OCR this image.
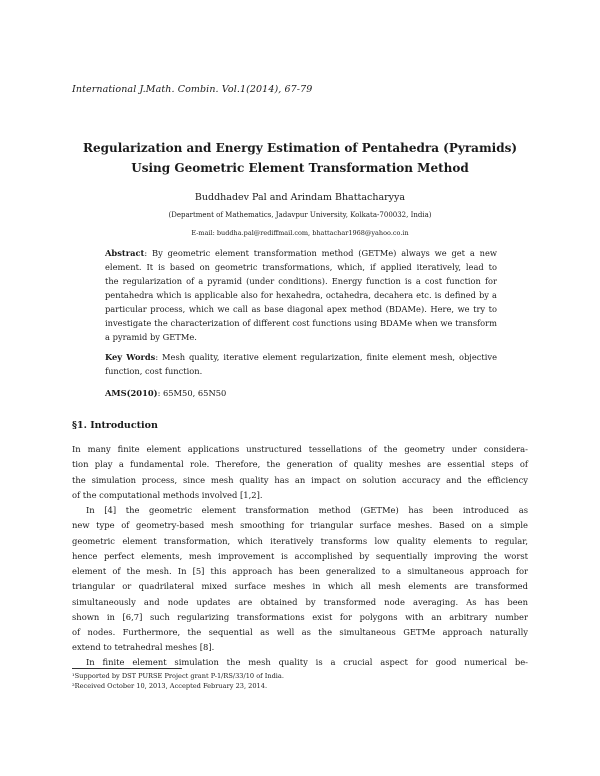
International J.Math. Combin. Vol.1(2014), 67-79
Regularization and Energy Estimation of Pentahedra (Pyramids)
Using Geometric Element Transformation Method
Buddhadev Pal and Arindam Bhattacharyya
(Department of Mathematics, Jadavpur University, Kolkata-700032, India)
E-mail: buddha.pal@rediffmail.com, bhattachar1968@yahoo.co.in
Abstract: By geometric element transformation method (GETMe) always we get a new
element. It is based on geometric transformations, which, if applied iteratively, lead to
the regularization of a pyramid (under conditions). Energy function is a cost function for
pentahedra which is applicable also for hexahedra, octahedra, decahera etc. is defined by a
particular process, which we call as base diagonal apex method (BDAMe). Here, we try to
investigate the characterization of different cost functions using BDAMe when we transform
a pyramid by GETMe.
Key Words: Mesh quality, iterative element regularization, finite element mesh, objective
function, cost function.
AMS(2010): 65M50, 65N50
§1. Introduction
In many finite element applications unstructured tessellations of the geometry under considera-
tion play a fundamental role. Therefore, the generation of quality meshes are essential steps of
the simulation process, since mesh quality has an impact on solution accuracy and the efficiency
of the computational methods involved [1,2].
In [4] the geometric element transformation method (GETMe) has been introduced as
new type of geometry-based mesh smoothing for triangular surface meshes. Based on a simple
geometric element transformation, which iteratively transforms low quality elements to regular,
hence perfect elements, mesh improvement is accomplished by sequentially improving the worst
element of the mesh. In [5] this approach has been generalized to a simultaneous approach for
triangular or quadrilateral mixed surface meshes in which all mesh elements are transformed
simultaneously and node updates are obtained by transformed node averaging. As has been
shown in [6,7] such regularizing transformations exist for polygons with an arbitrary number
of nodes. Furthermore, the sequential as well as the simultaneous GETMe approach naturally
extend to tetrahedral meshes [8].
In finite element simulation the mesh quality is a crucial aspect for good numerical be-
¹Supported by DST PURSE Project grant P-1/RS/33/10 of India.
²Received October 10, 2013, Accepted February 23, 2014.
